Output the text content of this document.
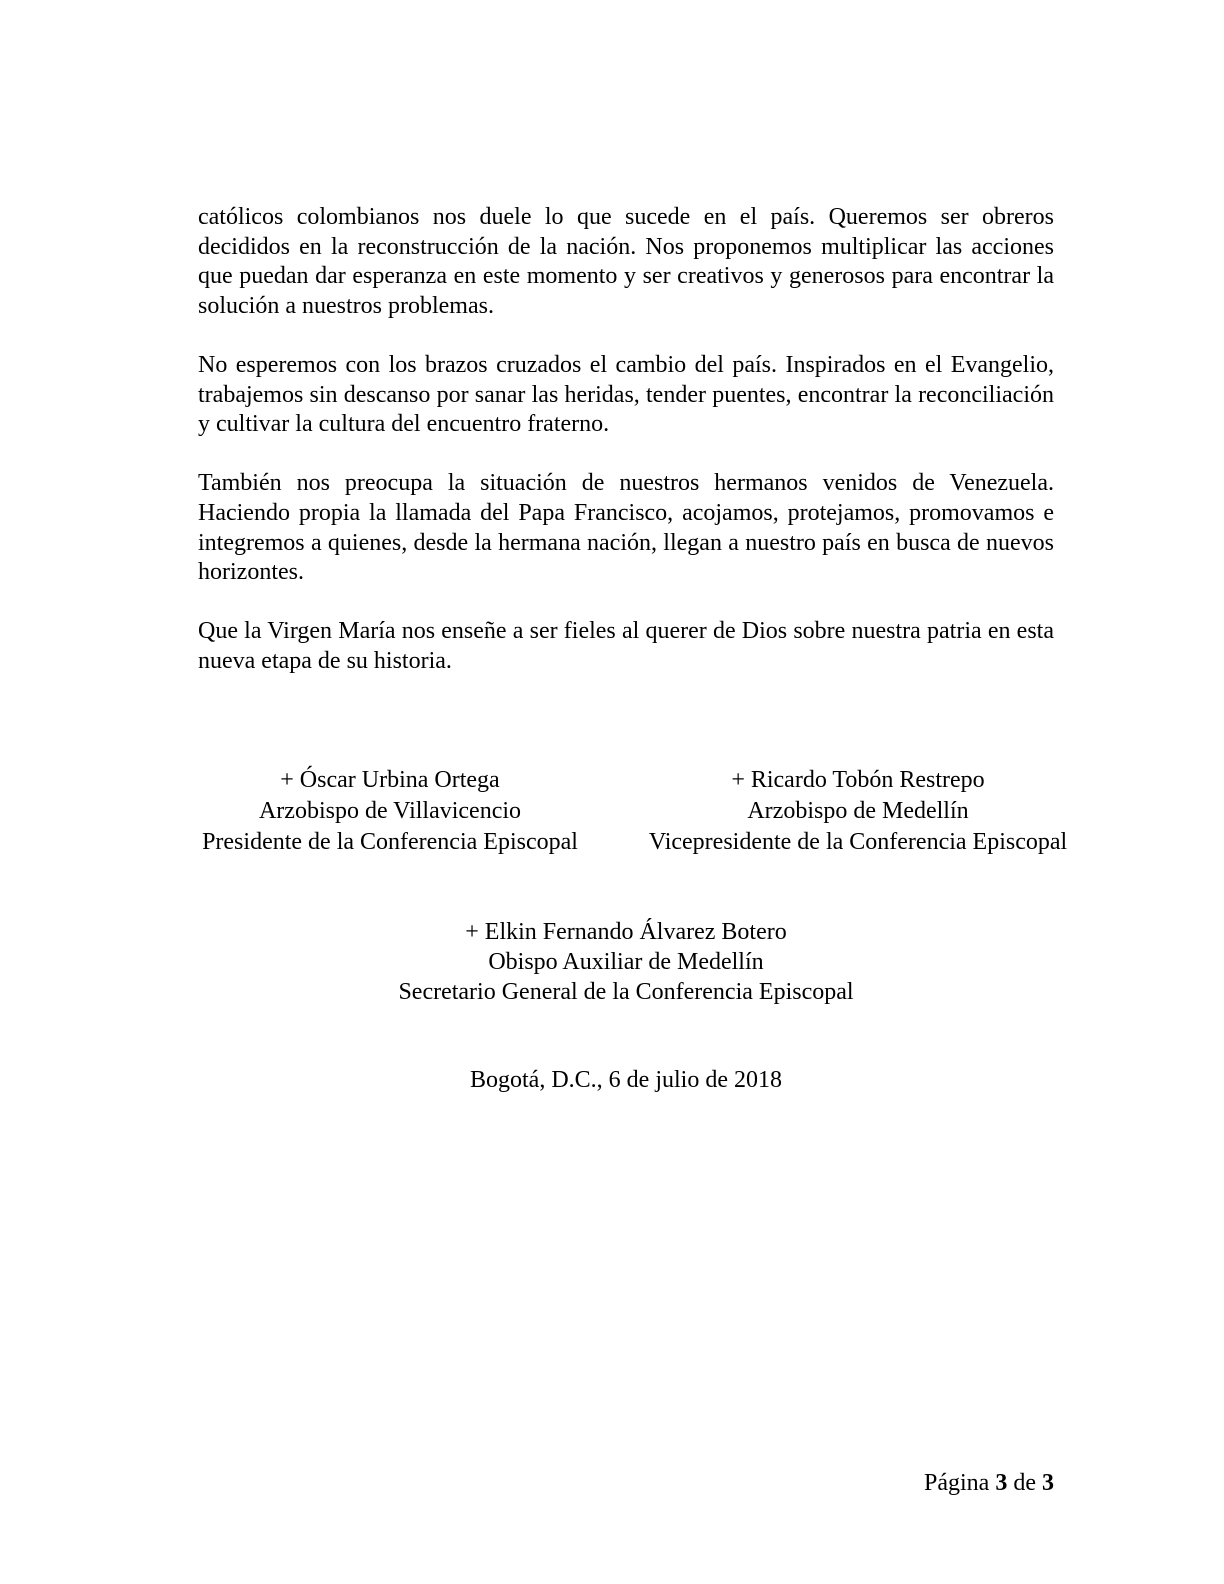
católicos colombianos nos duele lo que sucede en el país. Queremos ser obreros decididos en la reconstrucción de la nación. Nos proponemos multiplicar las acciones que puedan dar esperanza en este momento y ser creativos y generosos para encontrar la solución a nuestros problemas.

No esperemos con los brazos cruzados el cambio del país. Inspirados en el Evangelio, trabajemos sin descanso por sanar las heridas, tender puentes, encontrar la reconciliación y cultivar la cultura del encuentro fraterno.

También nos preocupa la situación de nuestros hermanos venidos de Venezuela. Haciendo propia la llamada del Papa Francisco, acojamos, protejamos, promovamos e integremos a quienes, desde la hermana nación, llegan a nuestro país en busca de nuevos horizontes.

Que la Virgen María nos enseñe a ser fieles al querer de Dios sobre nuestra patria en esta nueva etapa de su historia.

+ Óscar Urbina Ortega
Arzobispo de Villavicencio
Presidente de la Conferencia Episcopal
+ Ricardo Tobón Restrepo
Arzobispo de Medellín
Vicepresidente de la Conferencia Episcopal
+ Elkin Fernando Álvarez Botero
Obispo Auxiliar de Medellín
Secretario General de la Conferencia Episcopal
Bogotá, D.C., 6 de julio de 2018
Página 3 de 3
